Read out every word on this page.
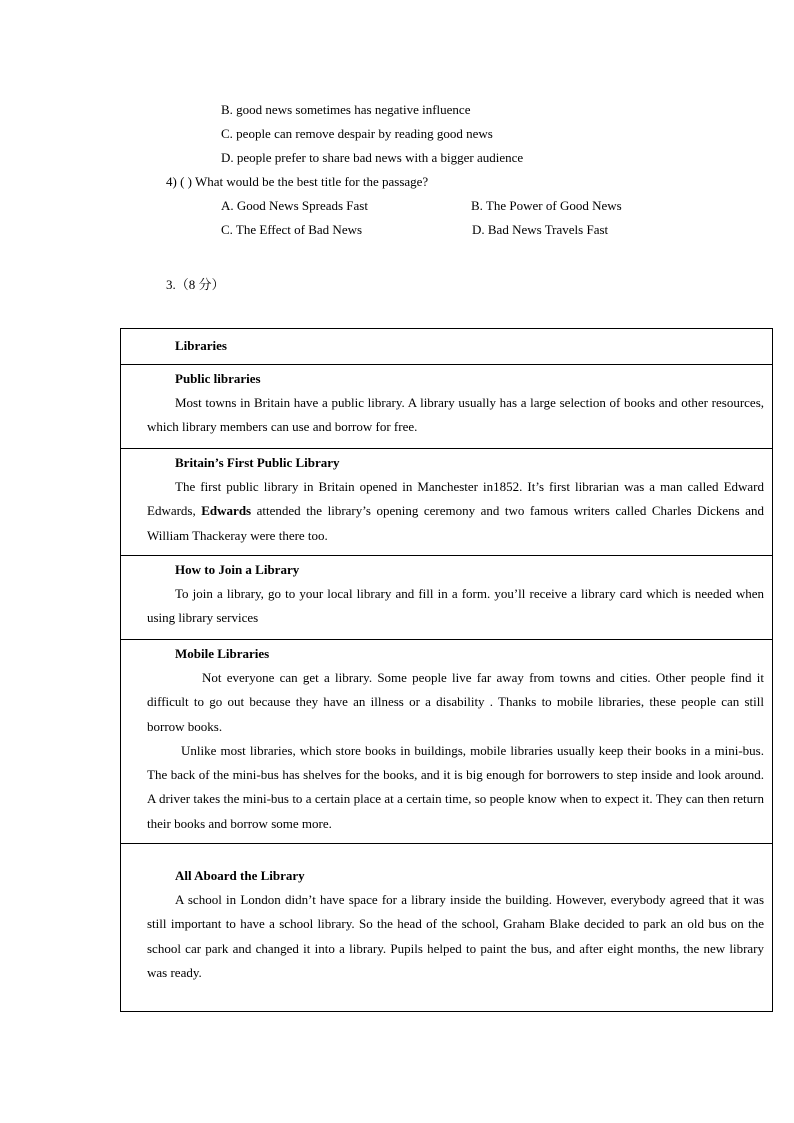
B. good news sometimes has negative influence
C. people can remove despair by reading good news
D. people prefer to share bad news with a bigger audience
4) ( ) What would be the best title for the passage?
A. Good News Spreads Fast	B. The Power of Good News
C. The Effect of Bad News	D. Bad News Travels Fast
3.（8 分）
Libraries
Public libraries

Most towns in Britain have a public library. A library usually has a large selection of books and other resources, which library members can use and borrow for free.

Britain’s First Public Library

The first public library in Britain opened in Manchester in1852. It’s first librarian was a man called Edward Edwards, Edwards attended the library’s opening ceremony and two famous writers called Charles Dickens and William Thackeray were there too.

How to Join a Library

To join a library, go to your local library and fill in a form. you’ll receive a library card which is needed when using library services

Mobile Libraries

Not everyone can get a library. Some people live far away from towns and cities. Other people find it difficult to go out because they have an illness or a disability . Thanks to mobile libraries, these people can still borrow books.

Unlike most libraries, which store books in buildings, mobile libraries usually keep their books in a mini-bus. The back of the mini-bus has shelves for the books, and it is big enough for borrowers to step inside and look around. A driver takes the mini-bus to a certain place at a certain time, so people know when to expect it. They can then return their books and borrow some more.

All Aboard the Library

A school in London didn’t have space for a library inside the building. However, everybody agreed that it was still important to have a school library. So the head of the school, Graham Blake decided to park an old bus on the school car park and changed it into a library. Pupils helped to paint the bus, and after eight months, the new library was ready.
